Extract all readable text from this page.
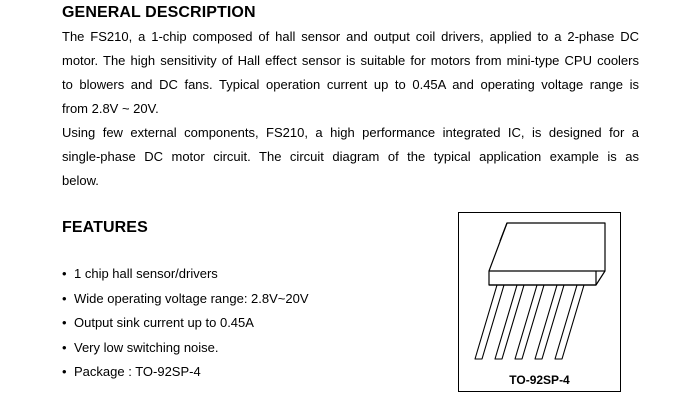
GENERAL DESCRIPTION

The FS210, a 1-chip composed of hall sensor and output coil drivers, applied to a 2-phase DC
motor. The high sensitivity of Hall effect sensor is suitable for motors from mini-type CPU coolers
to blowers and DC fans. Typical operation current up to 0.45A and operating voltage range is
from 2.8V ~ 20V.

Using few external components, FS210, a high performance integrated IC, is designed for a
single-phase DC motor circuit. The circuit diagram of the typical application example is as
below.

FEATURES
• 1 chip hall sensor/drivers
• Wide operating voltage range: 2.8V~20V
• Output sink current up to 0.45A
• Very low switching noise.
• Package : TO-92SP-4
TO-92SP-4
